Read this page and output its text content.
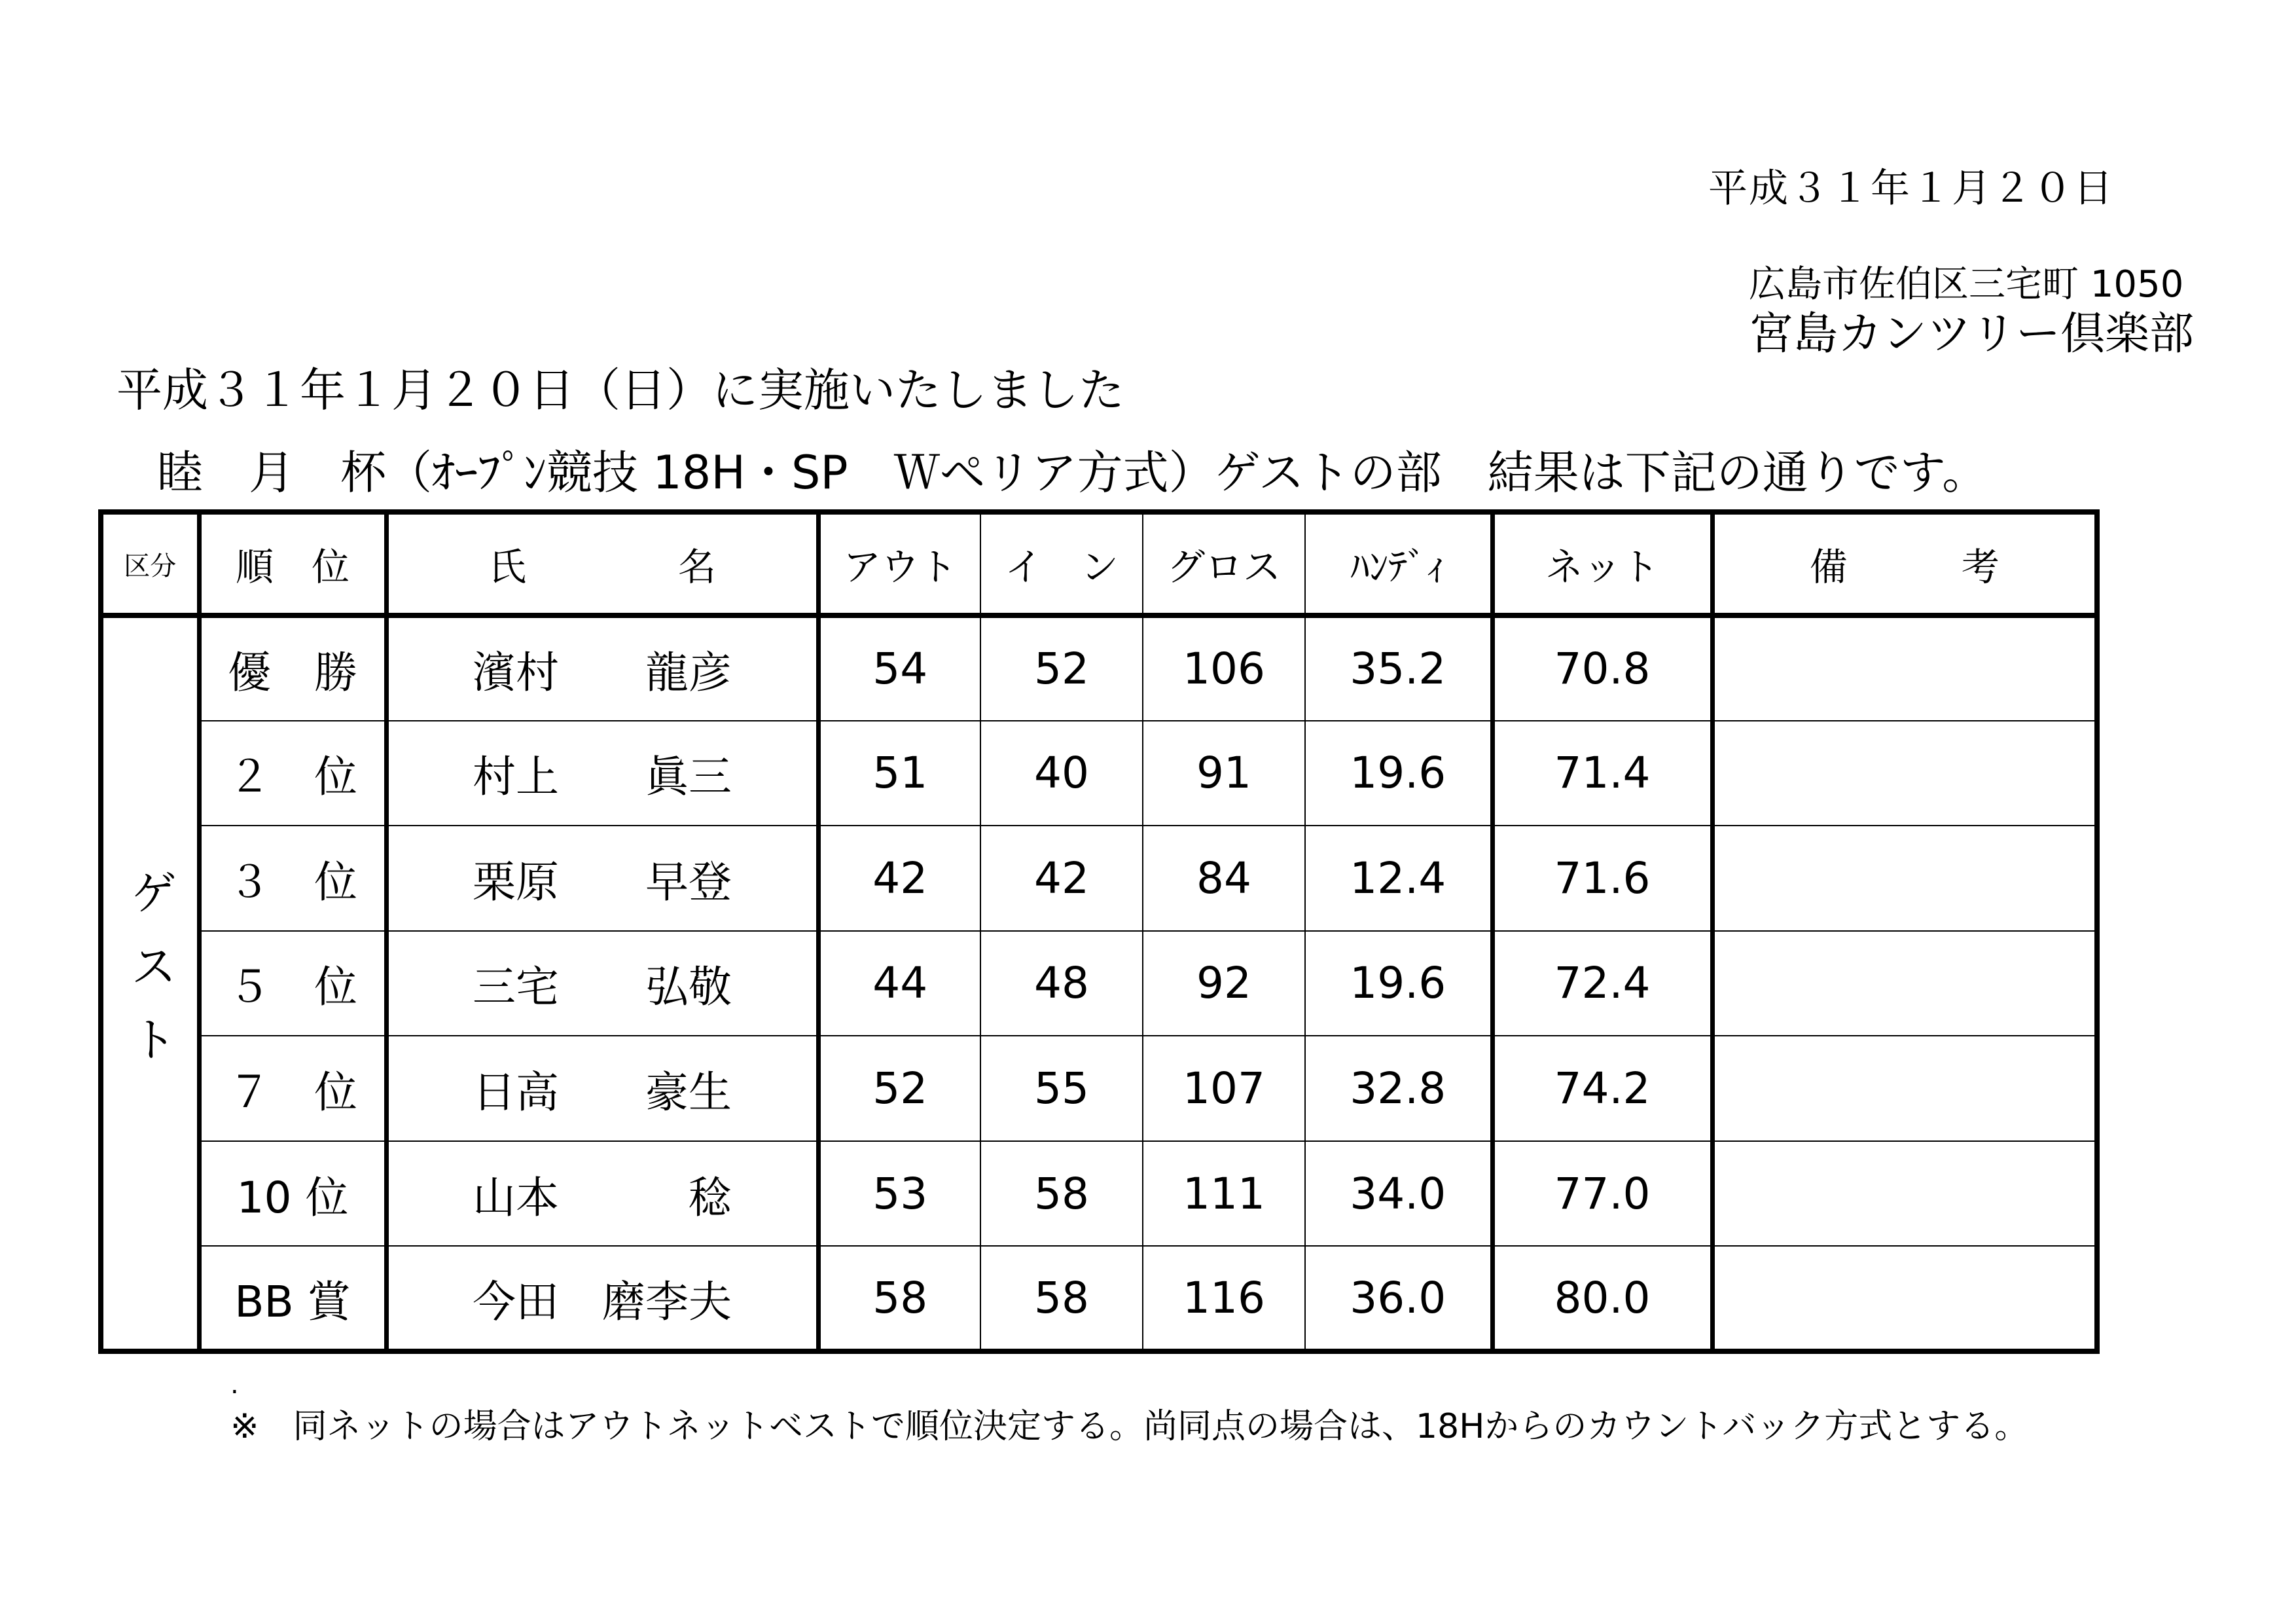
平成３１年１月２０日
広島市佐伯区三宅町 1050
宮島カンツリー倶楽部
平成３１年１月２０日（日）に実施いたしました
睦　月　杯（ｵｰﾌﾟﾝ競技 18H・SP　Ｗペリア方式）ゲストの部　結果は下記の通りです。
区分	順　位	氏　　　　名	アウト	イ　ン	グロス	ﾊﾝﾃﾞｨ	ネット	備　　　考
ゲスト	優　勝	濱村　　龍彦	54	52	106	35.2	70.8	
	２　位	村上　　眞三	51	40	91	19.6	71.4	
	３　位	栗原　　早登	42	42	84	12.4	71.6	
	５　位	三宅　　弘敬	44	48	92	19.6	72.4	
	７　位	日高　　豪生	52	55	107	32.8	74.2	
	10 位	山本　　　稔	53	58	111	34.0	77.0	
	BB 賞	今田　磨李夫	58	58	116	36.0	80.0	
.
※　同ネットの場合はアウトネットベストで順位決定する。尚同点の場合は、18Hからのカウントバック方式とする。
